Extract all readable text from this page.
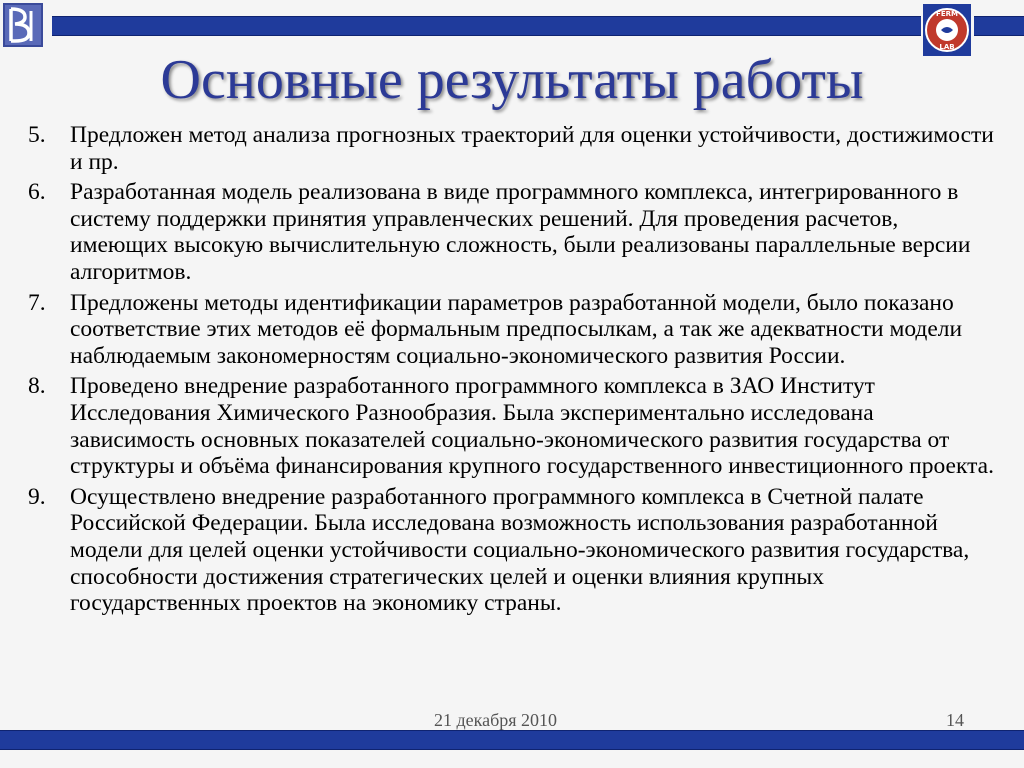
FERM
LAB
Основные результаты работы
5. Предложен метод анализа прогнозных траекторий для оценки устойчивости, достижимости и пр.
6. Разработанная модель реализована в виде программного комплекса, интегрированного в систему поддержки принятия управленческих решений. Для проведения расчетов, имеющих высокую вычислительную сложность, были реализованы параллельные версии алгоритмов.
7. Предложены методы идентификации параметров разработанной модели, было показано соответствие этих методов её формальным предпосылкам, а так же адекватности модели наблюдаемым закономерностям социально-экономического развития России.
8. Проведено внедрение разработанного программного комплекса в ЗАО Институт Исследования Химического Разнообразия. Была экспериментально исследована зависимость основных показателей социально-экономического развития государства от структуры и объёма финансирования крупного государственного инвестиционного проекта.
9. Осуществлено внедрение разработанного программного комплекса в Счетной палате Российской Федерации. Была исследована возможность использования разработанной модели для целей оценки устойчивости социально-экономического развития государства, способности достижения стратегических целей и оценки влияния крупных государственных проектов на экономику страны.
21 декабря 2010	14
